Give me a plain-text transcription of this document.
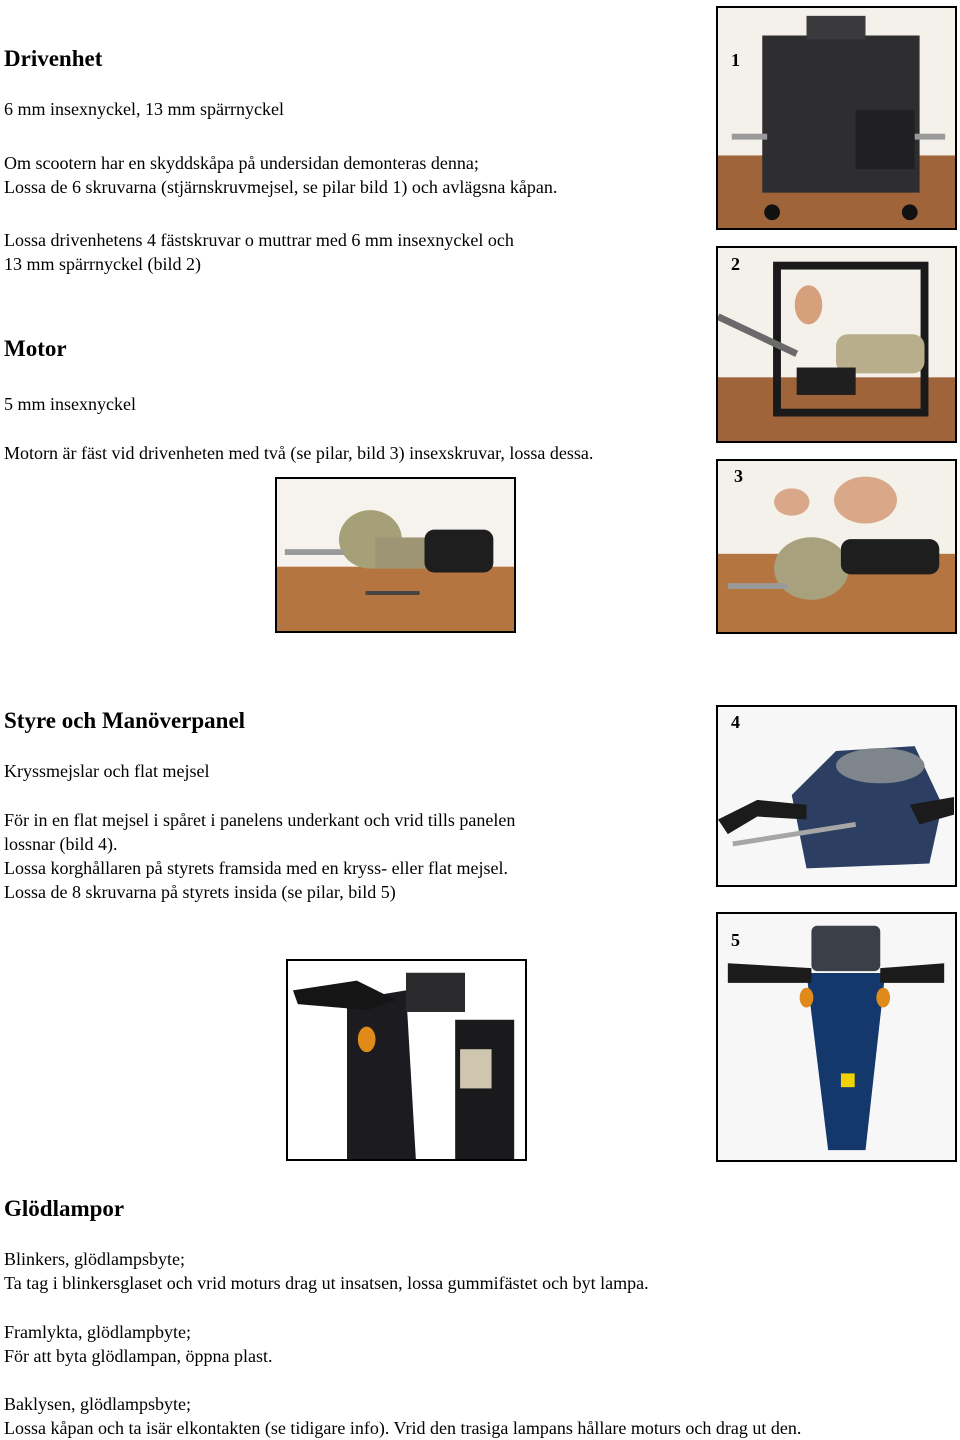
Drivenhet

6 mm insexnyckel, 13 mm spärrnyckel

Om scootern har en skyddskåpa på undersidan demonteras denna;

Lossa de 6 skruvarna (stjärnskruvmejsel, se pilar bild 1) och avlägsna kåpan.

Lossa drivenhetens 4 fästskruvar o muttrar med 6 mm insexnyckel och

13 mm spärrnyckel (bild 2)

Motor

5 mm insexnyckel

Motorn är fäst vid drivenheten med två (se pilar, bild 3) insexskruvar, lossa dessa.

Styre och Manöverpanel

Kryssmejslar och flat mejsel

För in en flat mejsel i spåret i panelens underkant och vrid tills panelen

lossnar (bild 4).

Lossa korghållaren på styrets framsida med en kryss- eller flat mejsel.

Lossa de 8 skruvarna på styrets insida (se pilar, bild 5)

Glödlampor

Blinkers, glödlampsbyte;

Ta tag i blinkersglaset och vrid moturs drag ut insatsen, lossa gummifästet och byt lampa.

Framlykta, glödlampbyte;

För att byta glödlampan, öppna plast.

Baklysen, glödlampsbyte;

Lossa kåpan och ta isär elkontakten (se tidigare info). Vrid den trasiga lampans hållare moturs och drag ut den.

1
2
3
4
5
